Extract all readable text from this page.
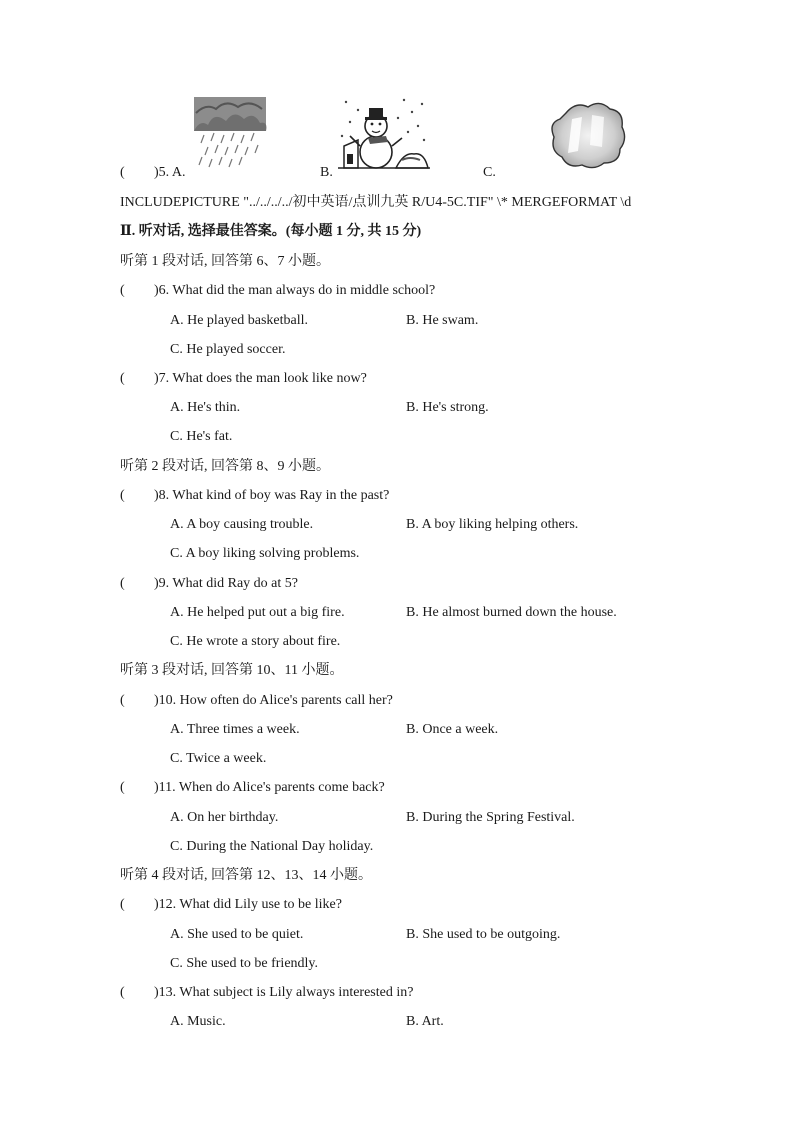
( )5. A.	B.	C.
INCLUDEPICTURE "../../../../初中英语/点训九英 R/U4-5C.TIF" \* MERGEFORMAT \d
Ⅱ. 听对话, 选择最佳答案。(每小题 1 分, 共 15 分)
听第 1 段对话, 回答第 6、7 小题。
( )6. What did the man always do in middle school?
A. He played basketball.	B. He swam.
C. He played soccer.
( )7. What does the man look like now?
A. He's thin.	B. He's strong.
C. He's fat.
听第 2 段对话, 回答第 8、9 小题。
( )8. What kind of boy was Ray in the past?
A. A boy causing trouble.	B. A boy liking helping others.
C. A boy liking solving problems.
( )9. What did Ray do at 5?
A. He helped put out a big fire.	B. He almost burned down the house.
C. He wrote a story about fire.
听第 3 段对话, 回答第 10、11 小题。
( )10. How often do Alice's parents call her?
A. Three times a week.	B. Once a week.
C. Twice a week.
( )11. When do Alice's parents come back?
A. On her birthday.	B. During the Spring Festival.
C. During the National Day holiday.
听第 4 段对话, 回答第 12、13、14 小题。
( )12. What did Lily use to be like?
A. She used to be quiet.	B. She used to be outgoing.
C. She used to be friendly.
( )13. What subject is Lily always interested in?
A. Music.	B. Art.
